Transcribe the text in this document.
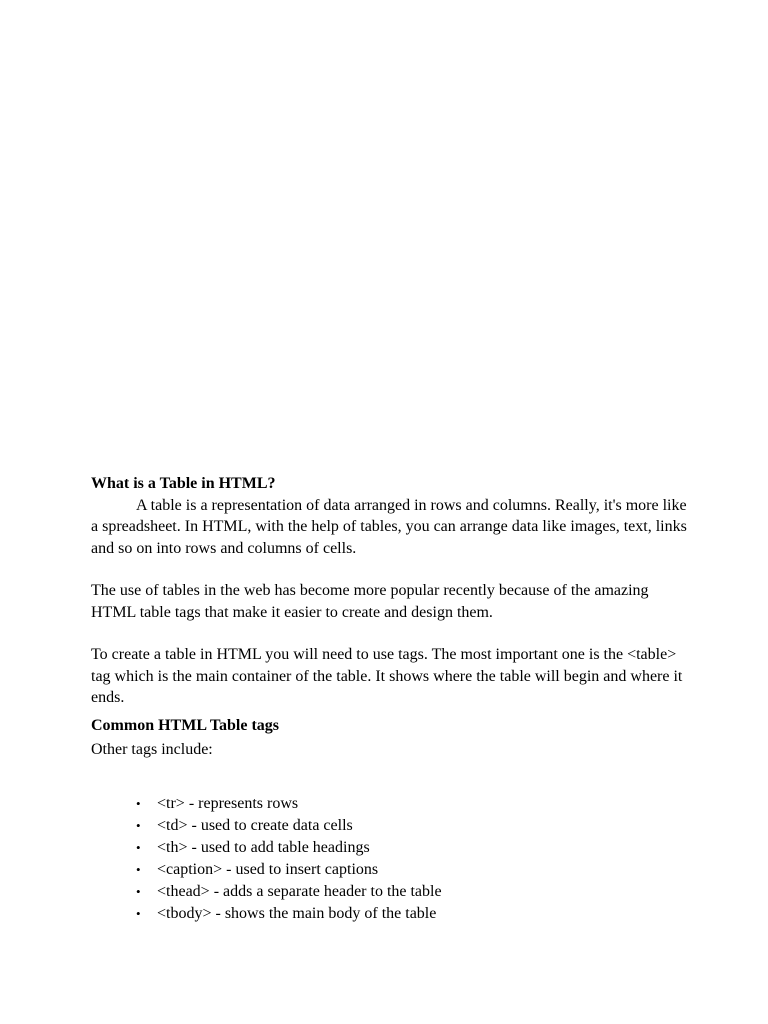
What is a Table in HTML?

A table is a representation of data arranged in rows and columns. Really, it's more like a spreadsheet. In HTML, with the help of tables, you can arrange data like images, text, links and so on into rows and columns of cells.

The use of tables in the web has become more popular recently because of the amazing HTML table tags that make it easier to create and design them.

To create a table in HTML you will need to use tags. The most important one is the <table> tag which is the main container of the table. It shows where the table will begin and where it ends.

Common HTML Table tags

Other tags include:

• <tr> - represents rows
• <td> - used to create data cells
• <th> - used to add table headings
• <caption> - used to insert captions
• <thead> - adds a separate header to the table
• <tbody> - shows the main body of the table
